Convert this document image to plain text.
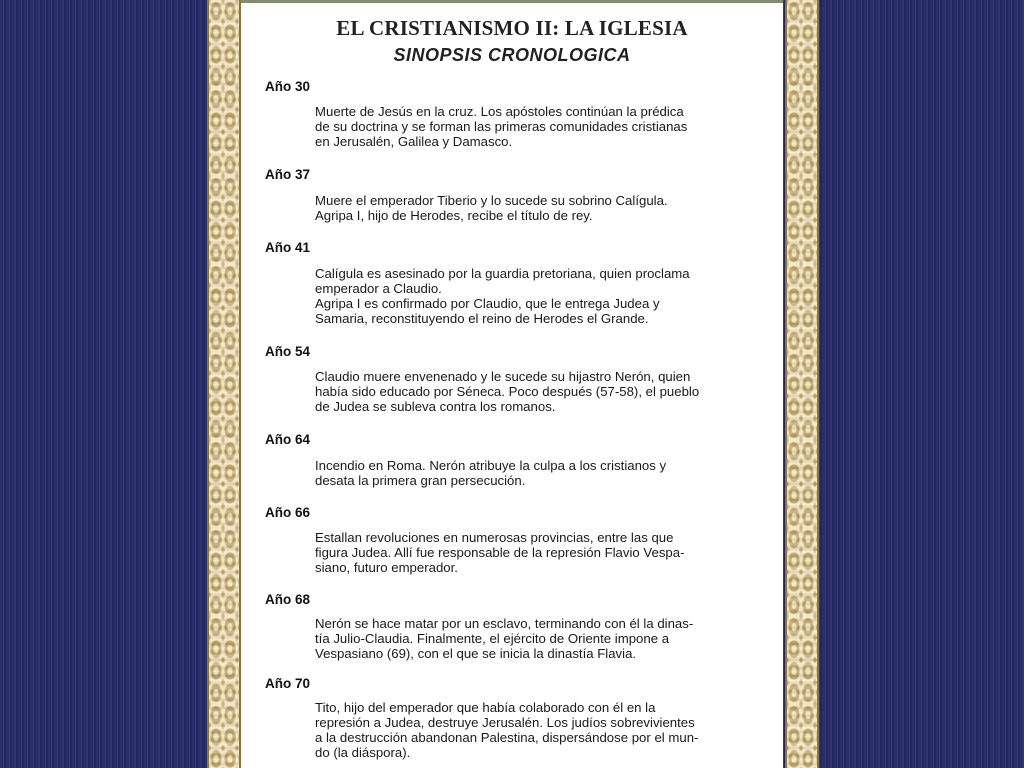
EL CRISTIANISMO II: LA IGLESIA
SINOPSIS CRONOLOGICA

Año 30

Muerte de Jesús en la cruz. Los apóstoles continúan la prédica
de su doctrina y se forman las primeras comunidades cristianas
en Jerusalén, Galilea y Damasco.

Año 37

Muere el emperador Tiberio y lo sucede su sobrino Calígula.
Agripa I, hijo de Herodes, recibe el título de rey.

Año 41

Calígula es asesinado por la guardia pretoriana, quien proclama
emperador a Claudio.
Agripa I es confirmado por Claudio, que le entrega Judea y
Samaria, reconstituyendo el reino de Herodes el Grande.

Año 54

Claudio muere envenenado y le sucede su hijastro Nerón, quien
había sido educado por Séneca. Poco después (57-58), el pueblo
de Judea se subleva contra los romanos.

Año 64

Incendio en Roma. Nerón atribuye la culpa a los cristianos y
desata la primera gran persecución.

Año 66

Estallan revoluciones en numerosas provincias, entre las que
figura Judea. Allí fue responsable de la represión Flavio Vespa-
siano, futuro emperador.

Año 68

Nerón se hace matar por un esclavo, terminando con él la dinas-
tía Julio-Claudia. Finalmente, el ejército de Oriente impone a
Vespasiano (69), con el que se inicia la dinastía Flavia.

Año 70

Tito, hijo del emperador que había colaborado con él en la
represión a Judea, destruye Jerusalén. Los judíos sobrevivientes
a la destrucción abandonan Palestina, dispersándose por el mun-
do (la diáspora).
